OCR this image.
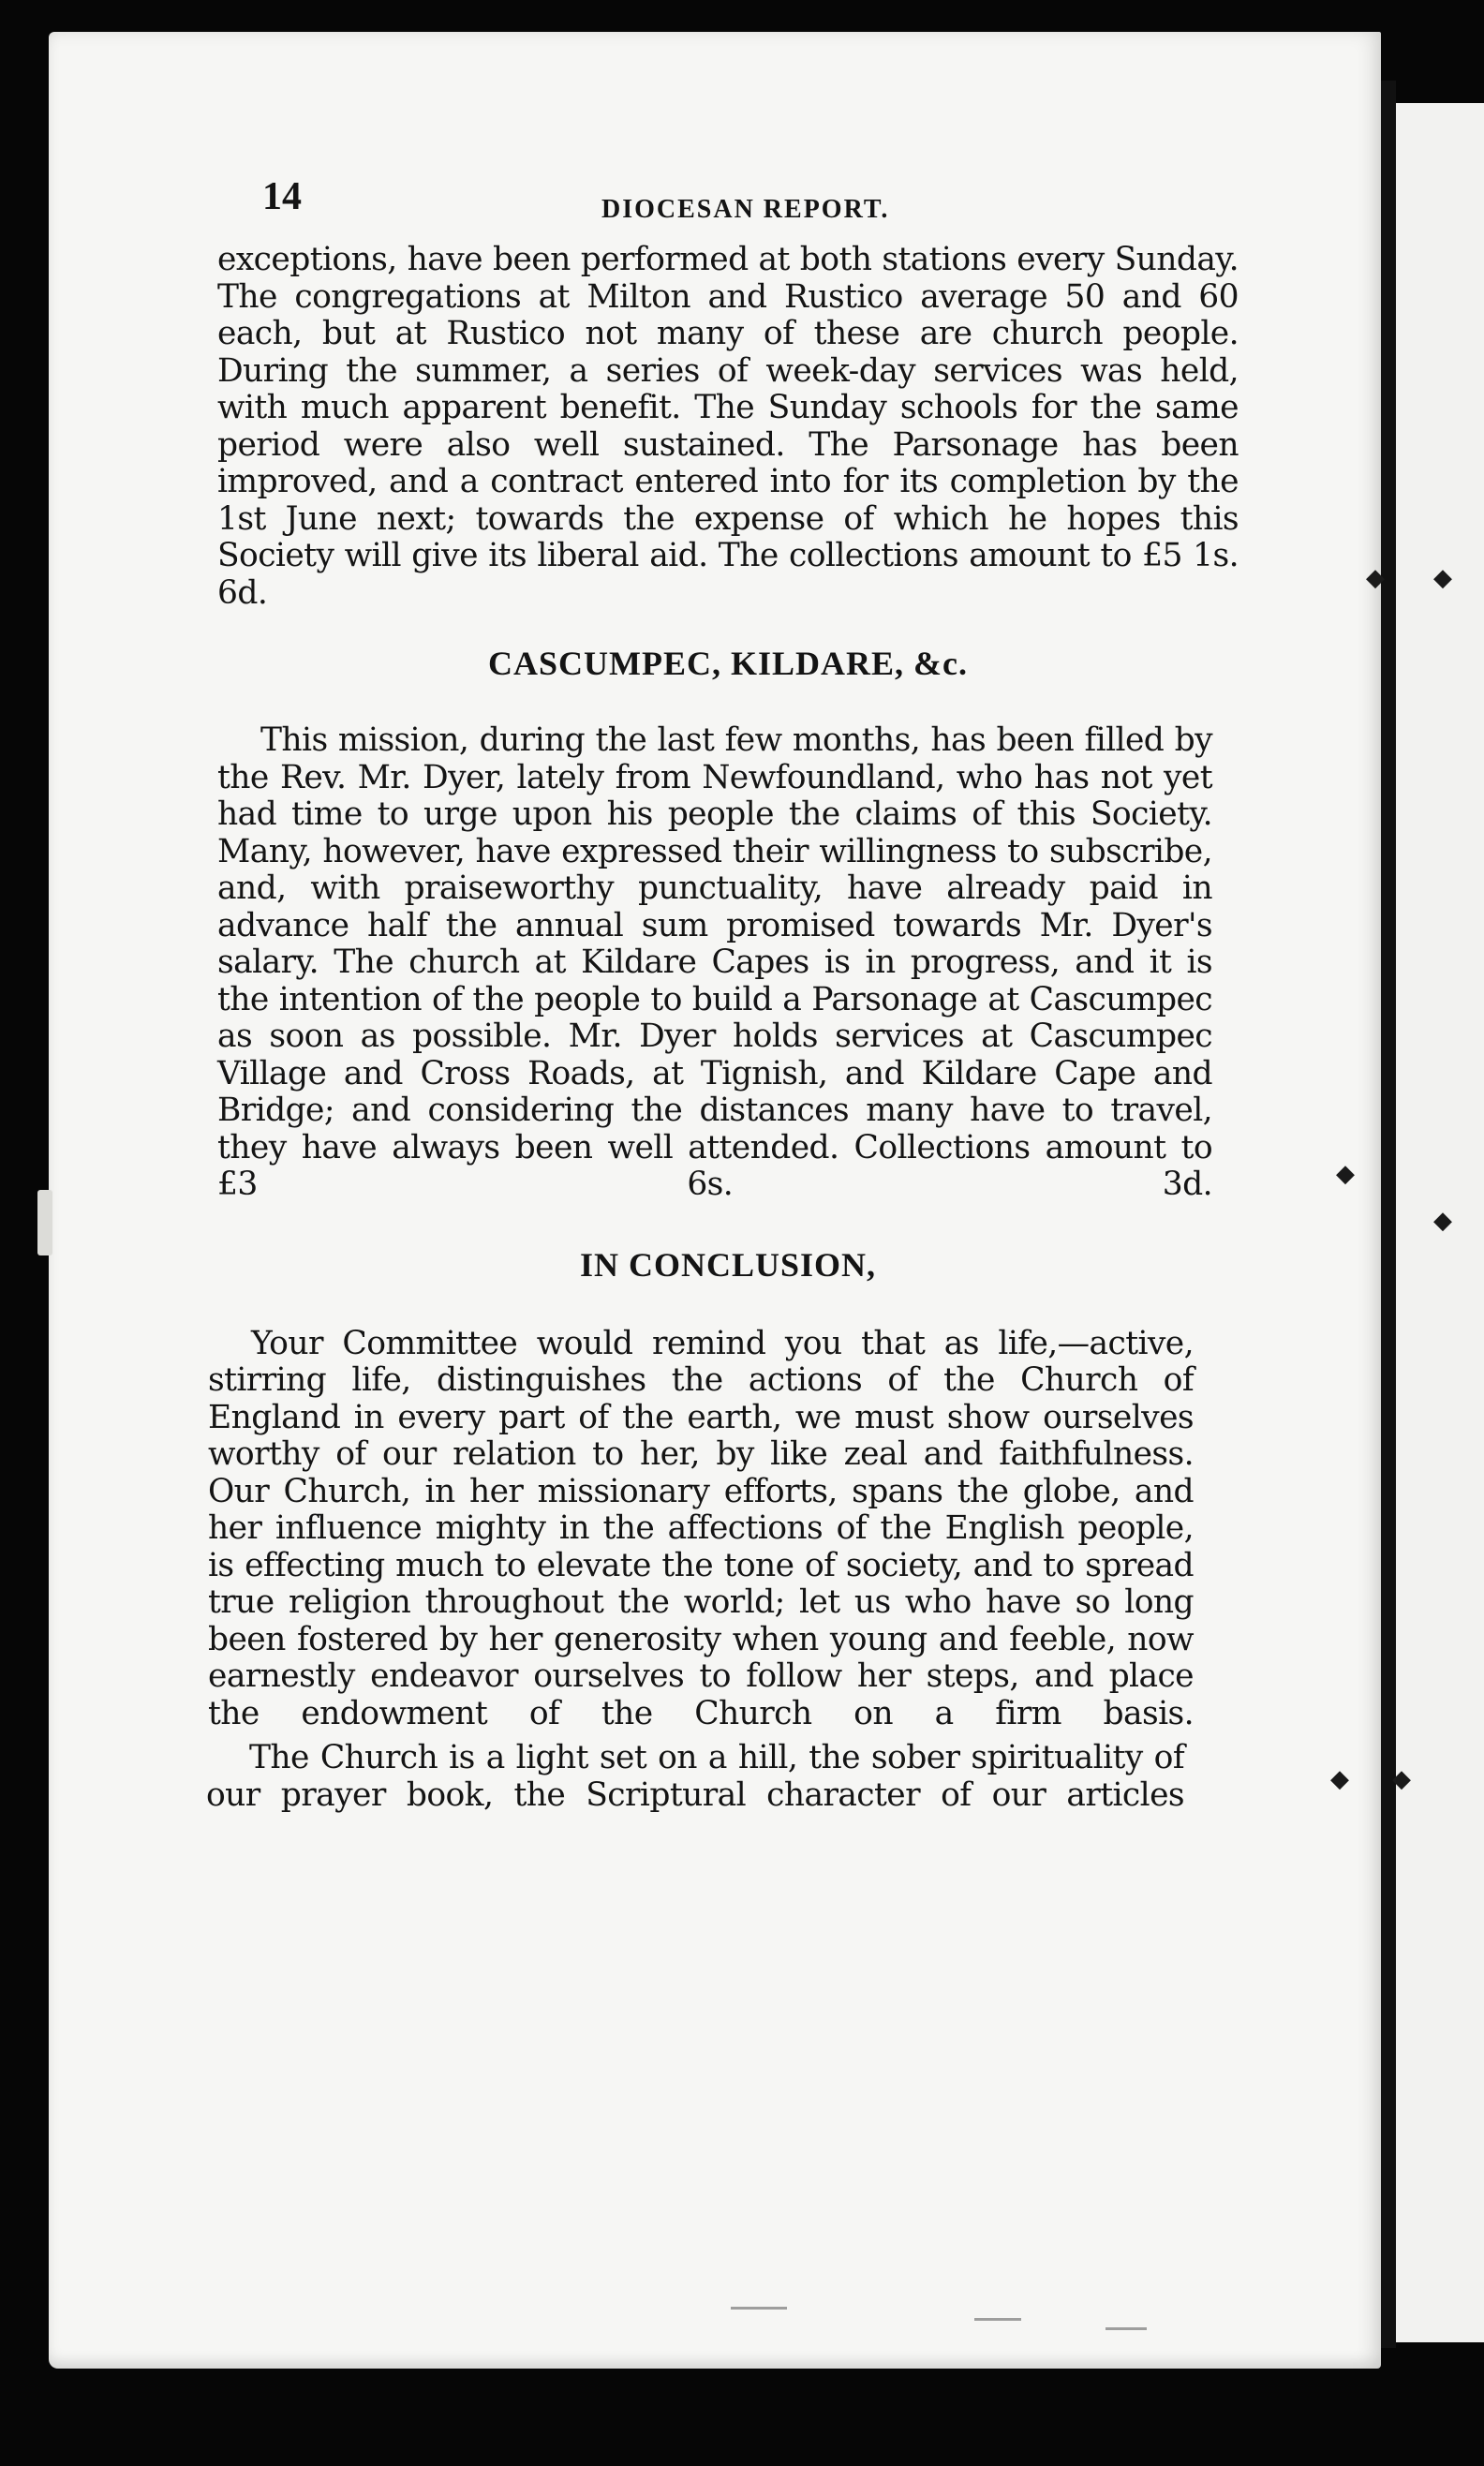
◆ ◆
◆
◆
◆ ◆
14	DIOCESAN REPORT.

exceptions, have been performed at both stations every Sunday. The congregations at Milton and Rustico average 50 and 60 each, but at Rustico not many of these are church people. During the summer, a series of week-day services was held, with much apparent benefit. The Sunday schools for the same period were also well sustained. The Parsonage has been improved, and a contract entered into for its completion by the 1st June next; towards the expense of which he hopes this Society will give its liberal aid. The collections amount to £5 1s. 6d.

CASCUMPEC, KILDARE, &c.

This mission, during the last few months, has been filled by the Rev. Mr. Dyer, lately from Newfoundland, who has not yet had time to urge upon his people the claims of this Society. Many, however, have expressed their willingness to subscribe, and, with praiseworthy punctuality, have already paid in advance half the annual sum promised towards Mr. Dyer's salary. The church at Kildare Capes is in progress, and it is the intention of the people to build a Parsonage at Cascumpec as soon as possible. Mr. Dyer holds services at Cascumpec Village and Cross Roads, at Tignish, and Kildare Cape and Bridge; and considering the distances many have to travel, they have always been well attended. Collections amount to £3 6s. 3d.

IN CONCLUSION,

Your Committee would remind you that as life,—active, stirring life, distinguishes the actions of the Church of England in every part of the earth, we must show ourselves worthy of our relation to her, by like zeal and faithfulness. Our Church, in her missionary efforts, spans the globe, and her influence mighty in the affections of the English people, is effecting much to elevate the tone of society, and to spread true religion throughout the world; let us who have so long been fostered by her generosity when young and feeble, now earnestly endeavor ourselves to follow her steps, and place the endowment of the Church on a firm basis.

The Church is a light set on a hill, the sober spirituality of our prayer book, the Scriptural character of our articles
